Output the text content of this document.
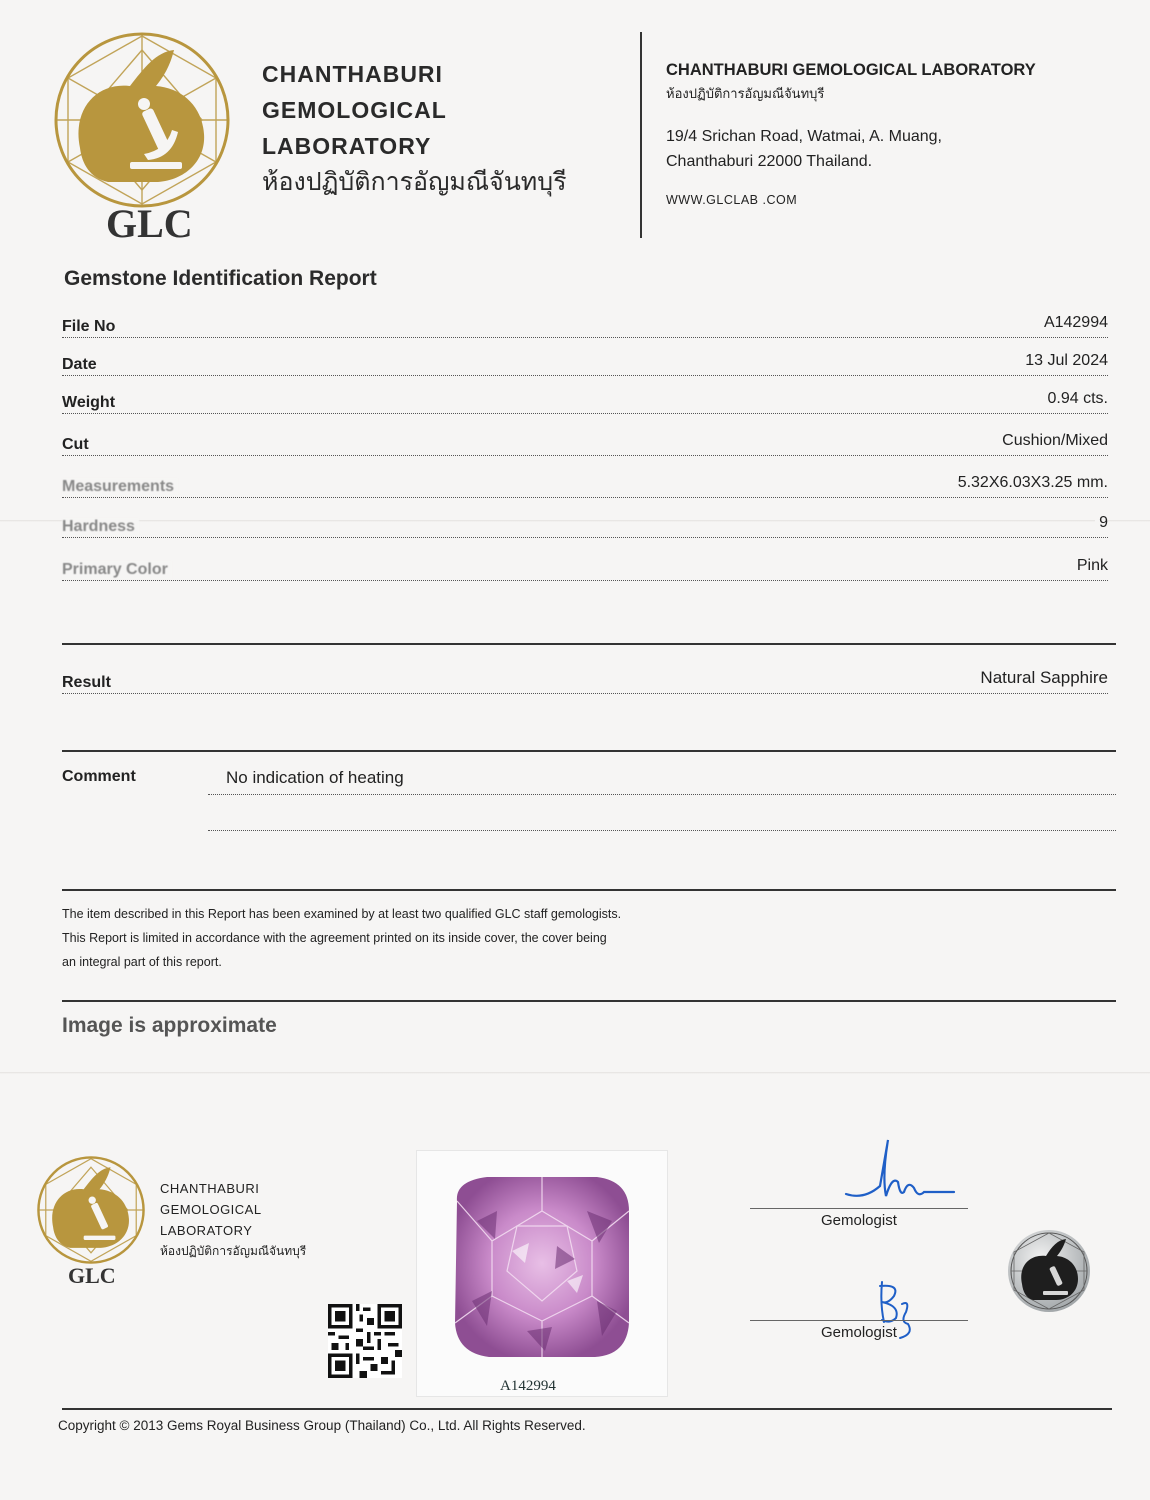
GLC
CHANTHABURI
GEMOLOGICAL
LABORATORY
ห้องปฏิบัติการอัญมณีจันทบุรี
CHANTHABURI GEMOLOGICAL LABORATORY
ห้องปฏิบัติการอัญมณีจันทบุรี
19/4 Srichan Road, Watmai, A. Muang,
Chanthaburi 22000 Thailand.
WWW.GLCLAB .COM
Gemstone Identification Report
File No	A142994
Date	13 Jul 2024
Weight	0.94 cts.
Cut	Cushion/Mixed
Measurements	5.32X6.03X3.25 mm.
Hardness	9
Primary Color	Pink
Result	Natural Sapphire
Comment	No indication of heating
The item described in this Report has been examined by at least two qualified GLC staff gemologists.
This Report is limited in accordance with the agreement printed on its inside cover, the cover being
an integral part of this report.
Image is approximate
GLC
CHANTHABURI
GEMOLOGICAL
LABORATORY
ห้องปฏิบัติการอัญมณีจันทบุรี
A142994
Gemologist
Gemologist
Copyright © 2013 Gems Royal Business Group (Thailand) Co., Ltd. All Rights Reserved.
